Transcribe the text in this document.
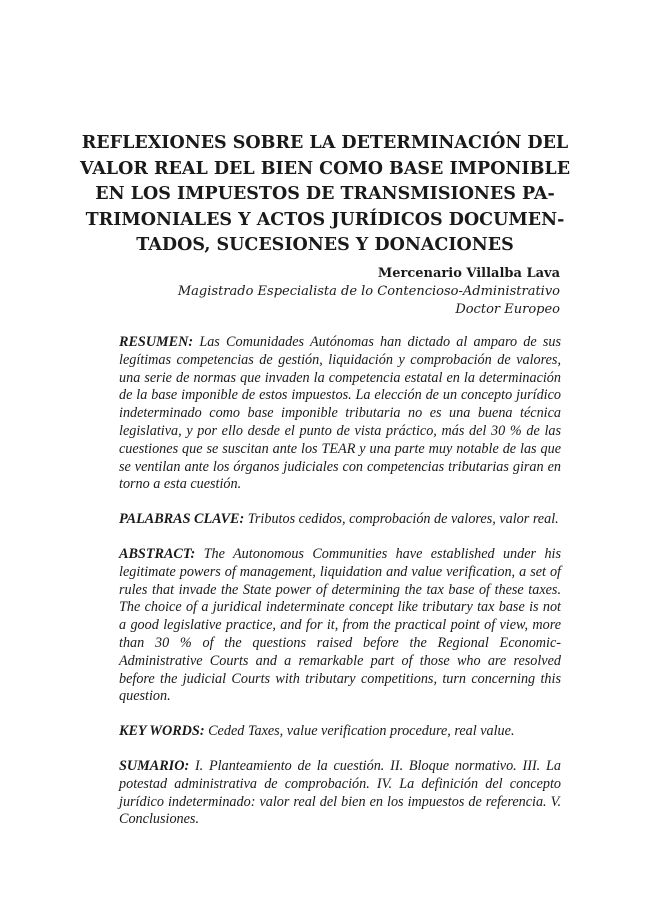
REFLEXIONES SOBRE LA DETERMINACIÓN DEL
VALOR REAL DEL BIEN COMO BASE IMPONIBLE
EN LOS IMPUESTOS DE TRANSMISIONES PA-
TRIMONIALES Y ACTOS JURÍDICOS DOCUMEN-
TADOS, SUCESIONES Y DONACIONES
Mercenario Villalba Lava
Magistrado Especialista de lo Contencioso-Administrativo
Doctor Europeo

RESUMEN: Las Comunidades Autónomas han dictado al amparo de sus legítimas competencias de gestión, liquidación y comprobación de valores, una serie de normas que invaden la competencia estatal en la determinación de la base imponible de estos impuestos. La elección de un concepto jurídico indeterminado como base imponible tributaria no es una buena técnica legislativa, y por ello desde el punto de vista práctico, más del 30 % de las cuestiones que se suscitan ante los TEAR y una parte muy notable de las que se ventilan ante los órganos judiciales con competencias tributarias giran en torno a esta cuestión.

PALABRAS CLAVE: Tributos cedidos, comprobación de valores, valor real.

ABSTRACT: The Autonomous Communities have established under his legitimate powers of management, liquidation and value verification, a set of rules that invade the State power of determining the tax base of these taxes. The choice of a juridical indeterminate concept like tributary tax base is not a good legislative practice, and for it, from the practical point of view, more than 30 % of the questions raised before the Regional Economic-Administrative Courts and a remarkable part of those who are resolved before the judicial Courts with tributary competitions, turn concerning this question.

KEY WORDS: Ceded Taxes, value verification procedure, real value.

SUMARIO: I. Planteamiento de la cuestión. II. Bloque normativo. III. La potestad administrativa de comprobación. IV. La definición del concepto jurídico indeterminado: valor real del bien en los impuestos de referencia. V. Conclusiones.
